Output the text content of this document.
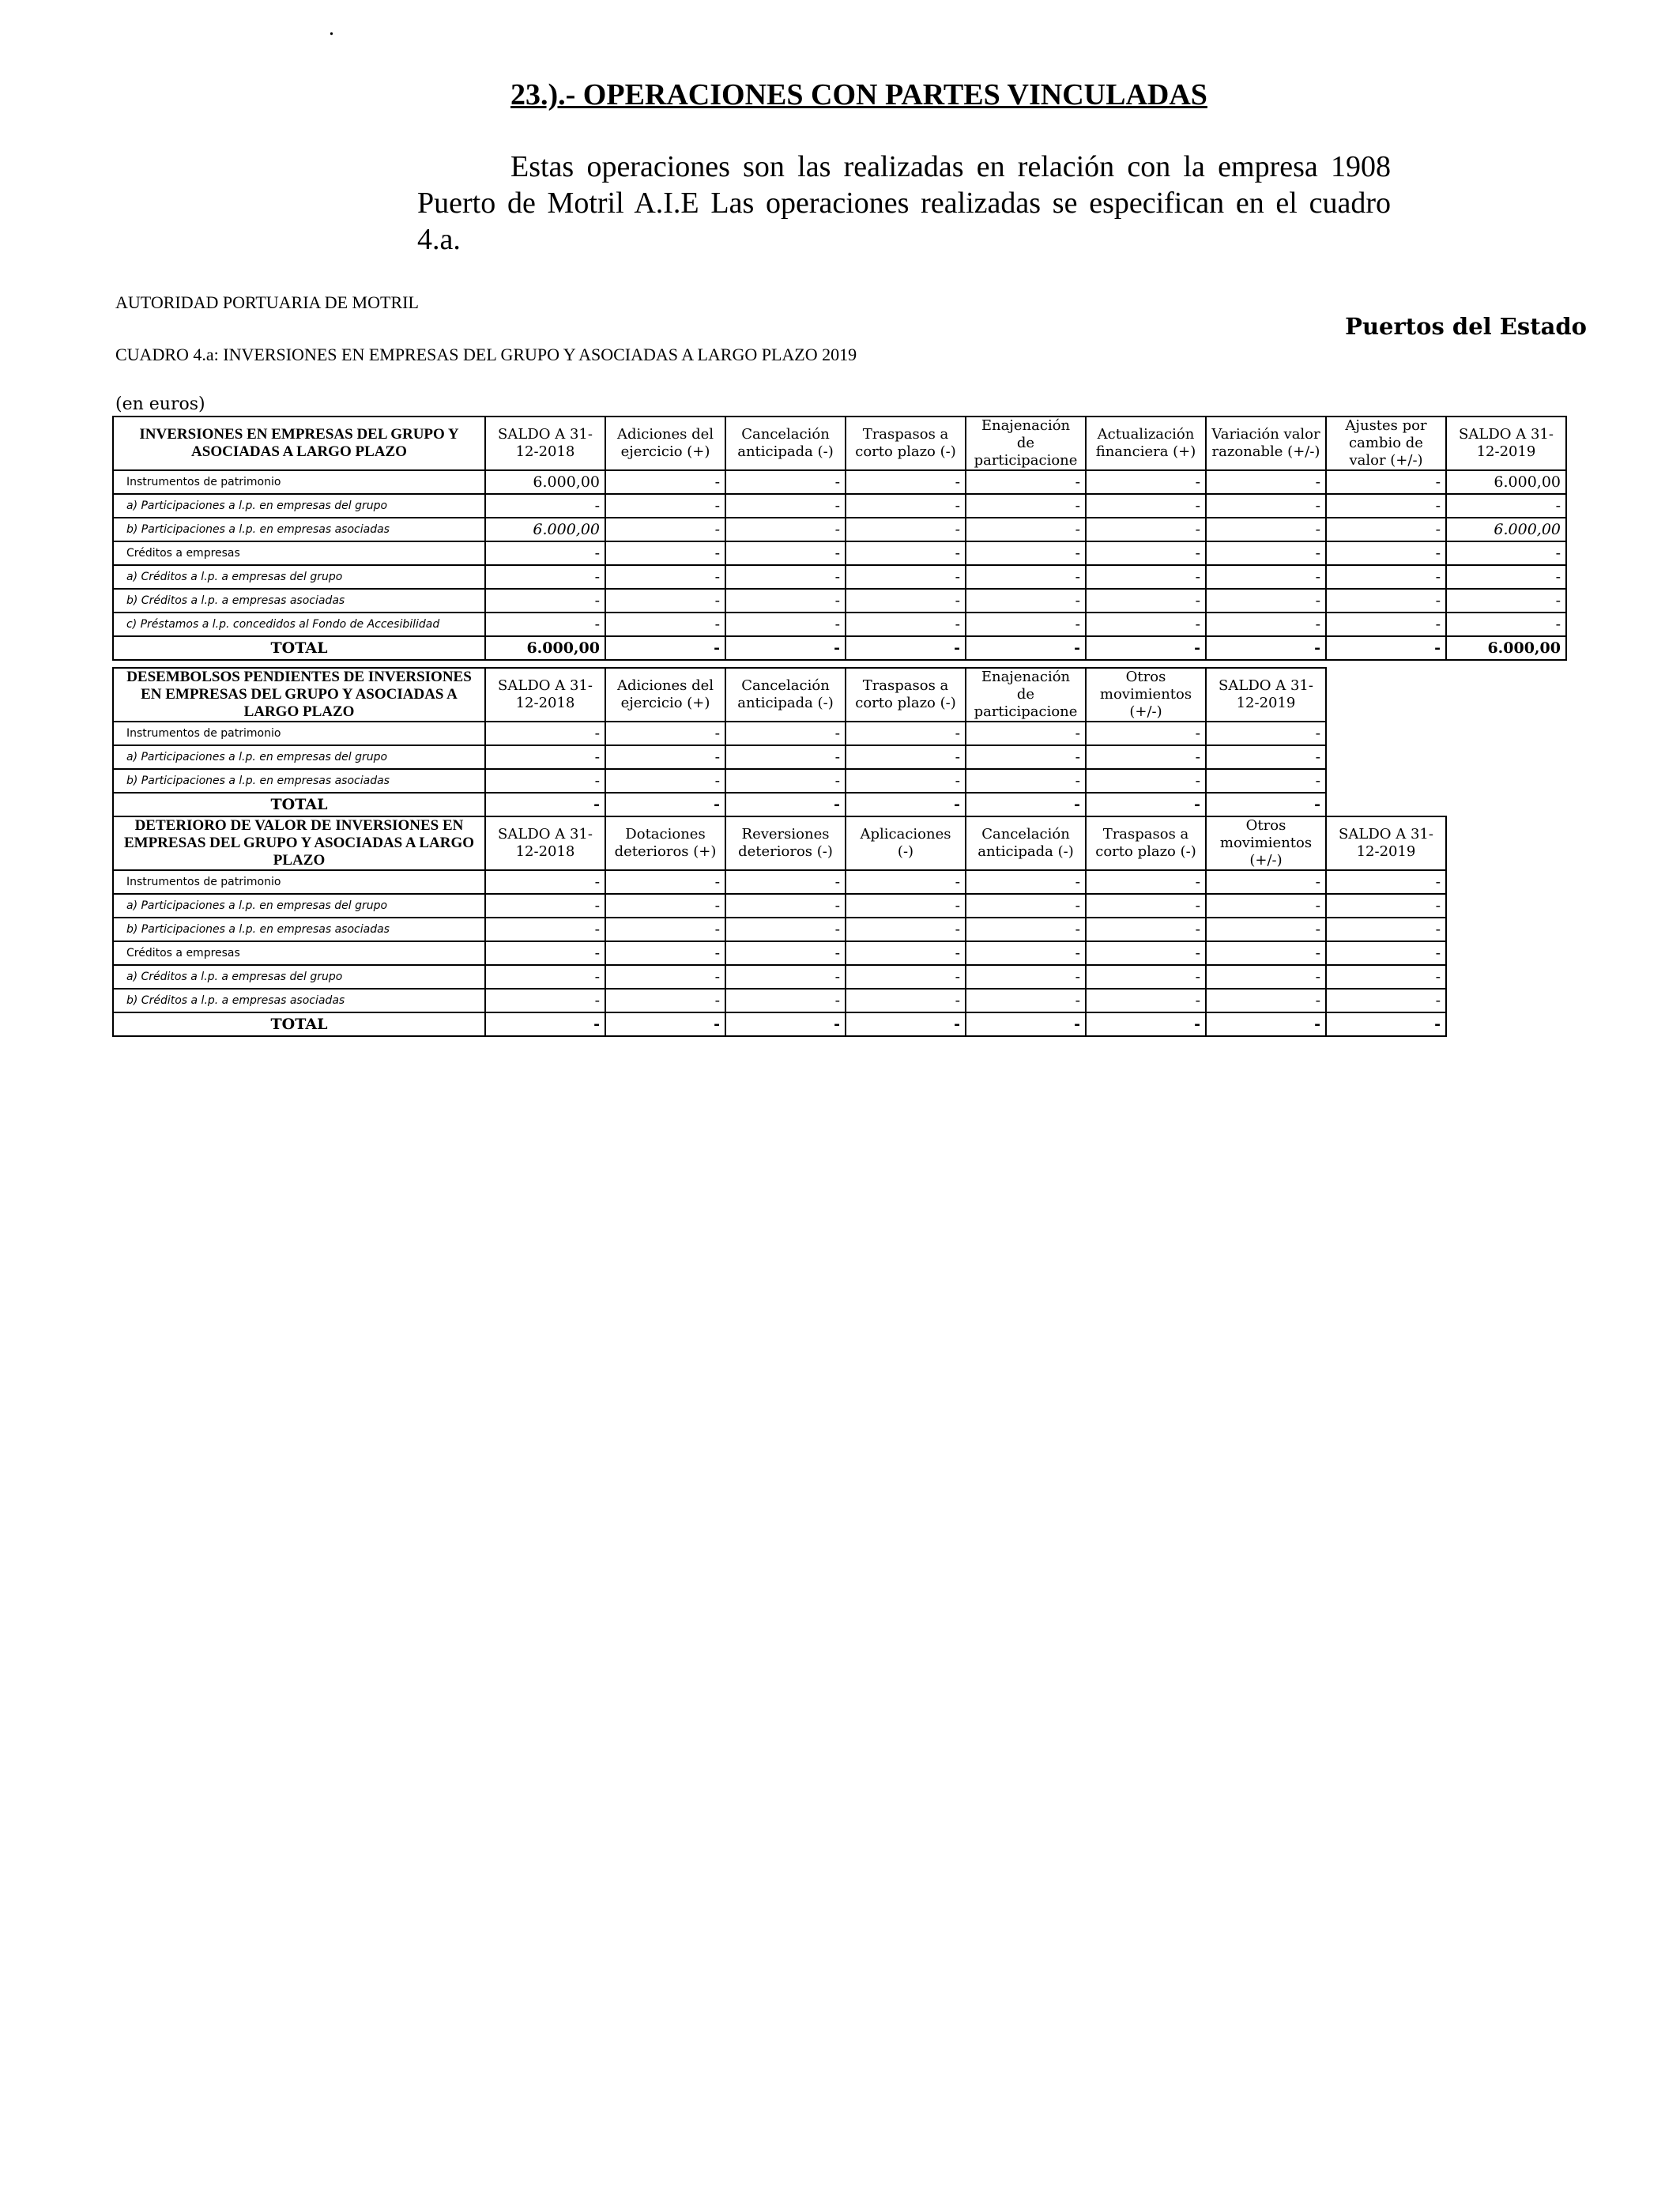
.
23.).- OPERACIONES CON PARTES VINCULADAS
Estas operaciones son las realizadas en relación con la empresa 1908 Puerto de Motril A.I.E Las operaciones realizadas se especifican en el cuadro 4.a.
AUTORIDAD PORTUARIA DE MOTRIL
Puertos del Estado
CUADRO 4.a: INVERSIONES EN EMPRESAS DEL GRUPO Y ASOCIADAS A LARGO PLAZO 2019
(en euros)
INVERSIONES EN EMPRESAS DEL GRUPO Y ASOCIADAS A LARGO PLAZO	SALDO A 31-12-2018	Adiciones del ejercicio (+)	Cancelación anticipada (-)	Traspasos a corto plazo (-)	Enajenación de participacione	Actualización financiera (+)	Variación valor razonable (+/-)	Ajustes por cambio de valor (+/-)	SALDO A 31-12-2019
Instrumentos de patrimonio	6.000,00	-	-	-	-	-	-	-	6.000,00
a) Participaciones a l.p. en empresas del grupo	-	-	-	-	-	-	-	-	-
b) Participaciones a l.p. en empresas asociadas	6.000,00	-	-	-	-	-	-	-	6.000,00
Créditos a empresas	-	-	-	-	-	-	-	-	-
a) Créditos a l.p. a empresas del grupo	-	-	-	-	-	-	-	-	-
b) Créditos a l.p. a empresas asociadas	-	-	-	-	-	-	-	-	-
c) Préstamos a l.p. concedidos al Fondo de Accesibilidad	-	-	-	-	-	-	-	-	-
TOTAL	6.000,00	-	-	-	-	-	-	-	6.000,00
DESEMBOLSOS PENDIENTES DE INVERSIONES EN EMPRESAS DEL GRUPO Y ASOCIADAS A LARGO PLAZO	SALDO A 31-12-2018	Adiciones del ejercicio (+)	Cancelación anticipada (-)	Traspasos a corto plazo (-)	Enajenación de participacione	Otros movimientos (+/-)	SALDO A 31-12-2019
Instrumentos de patrimonio	-	-	-	-	-	-	-
a) Participaciones a l.p. en empresas del grupo	-	-	-	-	-	-	-
b) Participaciones a l.p. en empresas asociadas	-	-	-	-	-	-	-
TOTAL	-	-	-	-	-	-	-
DETERIORO DE VALOR DE INVERSIONES EN EMPRESAS DEL GRUPO Y ASOCIADAS A LARGO PLAZO	SALDO A 31-12-2018	Dotaciones deterioros (+)	Reversiones deterioros (-)	Aplicaciones (-)	Cancelación anticipada (-)	Traspasos a corto plazo (-)	Otros movimientos (+/-)	SALDO A 31-12-2019
Instrumentos de patrimonio	-	-	-	-	-	-	-	-
a) Participaciones a l.p. en empresas del grupo	-	-	-	-	-	-	-	-
b) Participaciones a l.p. en empresas asociadas	-	-	-	-	-	-	-	-
Créditos a empresas	-	-	-	-	-	-	-	-
a) Créditos a l.p. a empresas del grupo	-	-	-	-	-	-	-	-
b) Créditos a l.p. a empresas asociadas	-	-	-	-	-	-	-	-
TOTAL	-	-	-	-	-	-	-	-
